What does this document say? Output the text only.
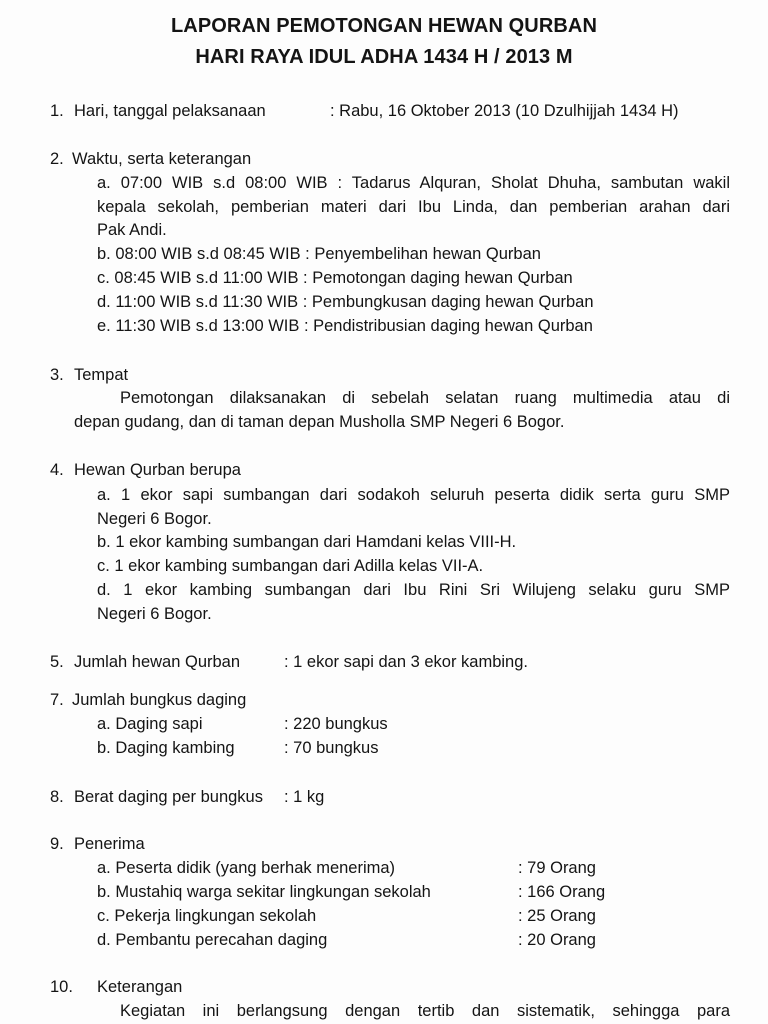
LAPORAN PEMOTONGAN HEWAN QURBAN
HARI RAYA IDUL ADHA 1434 H / 2013 M
1. Hari, tanggal pelaksanaan	: Rabu, 16 Oktober 2013 (10 Dzulhijjah 1434 H)
2. Waktu, serta keterangan
a. 07:00 WIB s.d 08:00 WIB : Tadarus Alquran, Sholat Dhuha, sambutan wakil
kepala sekolah, pemberian materi dari Ibu Linda, dan pemberian arahan dari
Pak Andi.
b. 08:00 WIB s.d 08:45 WIB : Penyembelihan hewan Qurban
c. 08:45 WIB s.d 11:00 WIB : Pemotongan daging hewan Qurban
d. 11:00 WIB s.d 11:30 WIB : Pembungkusan daging hewan Qurban
e. 11:30 WIB s.d 13:00 WIB : Pendistribusian daging hewan Qurban
3. Tempat
Pemotongan dilaksanakan di sebelah selatan ruang multimedia atau di
depan gudang, dan di taman depan Musholla SMP Negeri 6 Bogor.
4. Hewan Qurban berupa
a. 1 ekor sapi sumbangan dari sodakoh seluruh peserta didik serta guru SMP
Negeri 6 Bogor.
b. 1 ekor kambing sumbangan dari Hamdani kelas VIII-H.
c. 1 ekor kambing sumbangan dari Adilla kelas VII-A.
d. 1 ekor kambing sumbangan dari Ibu Rini Sri Wilujeng selaku guru SMP
Negeri 6 Bogor.
5. Jumlah hewan Qurban	: 1 ekor sapi dan 3 ekor kambing.
7. Jumlah bungkus daging
a. Daging sapi	: 220 bungkus
b. Daging kambing	: 70 bungkus
8. Berat daging per bungkus : 1 kg
9. Penerima
a. Peserta didik (yang berhak menerima)	: 79 Orang
b. Mustahiq warga sekitar lingkungan sekolah	: 166 Orang
c. Pekerja lingkungan sekolah	: 25 Orang
d. Pembantu perecahan daging	: 20 Orang
10. Keterangan
Kegiatan ini berlangsung dengan tertib dan sistematik, sehingga para
